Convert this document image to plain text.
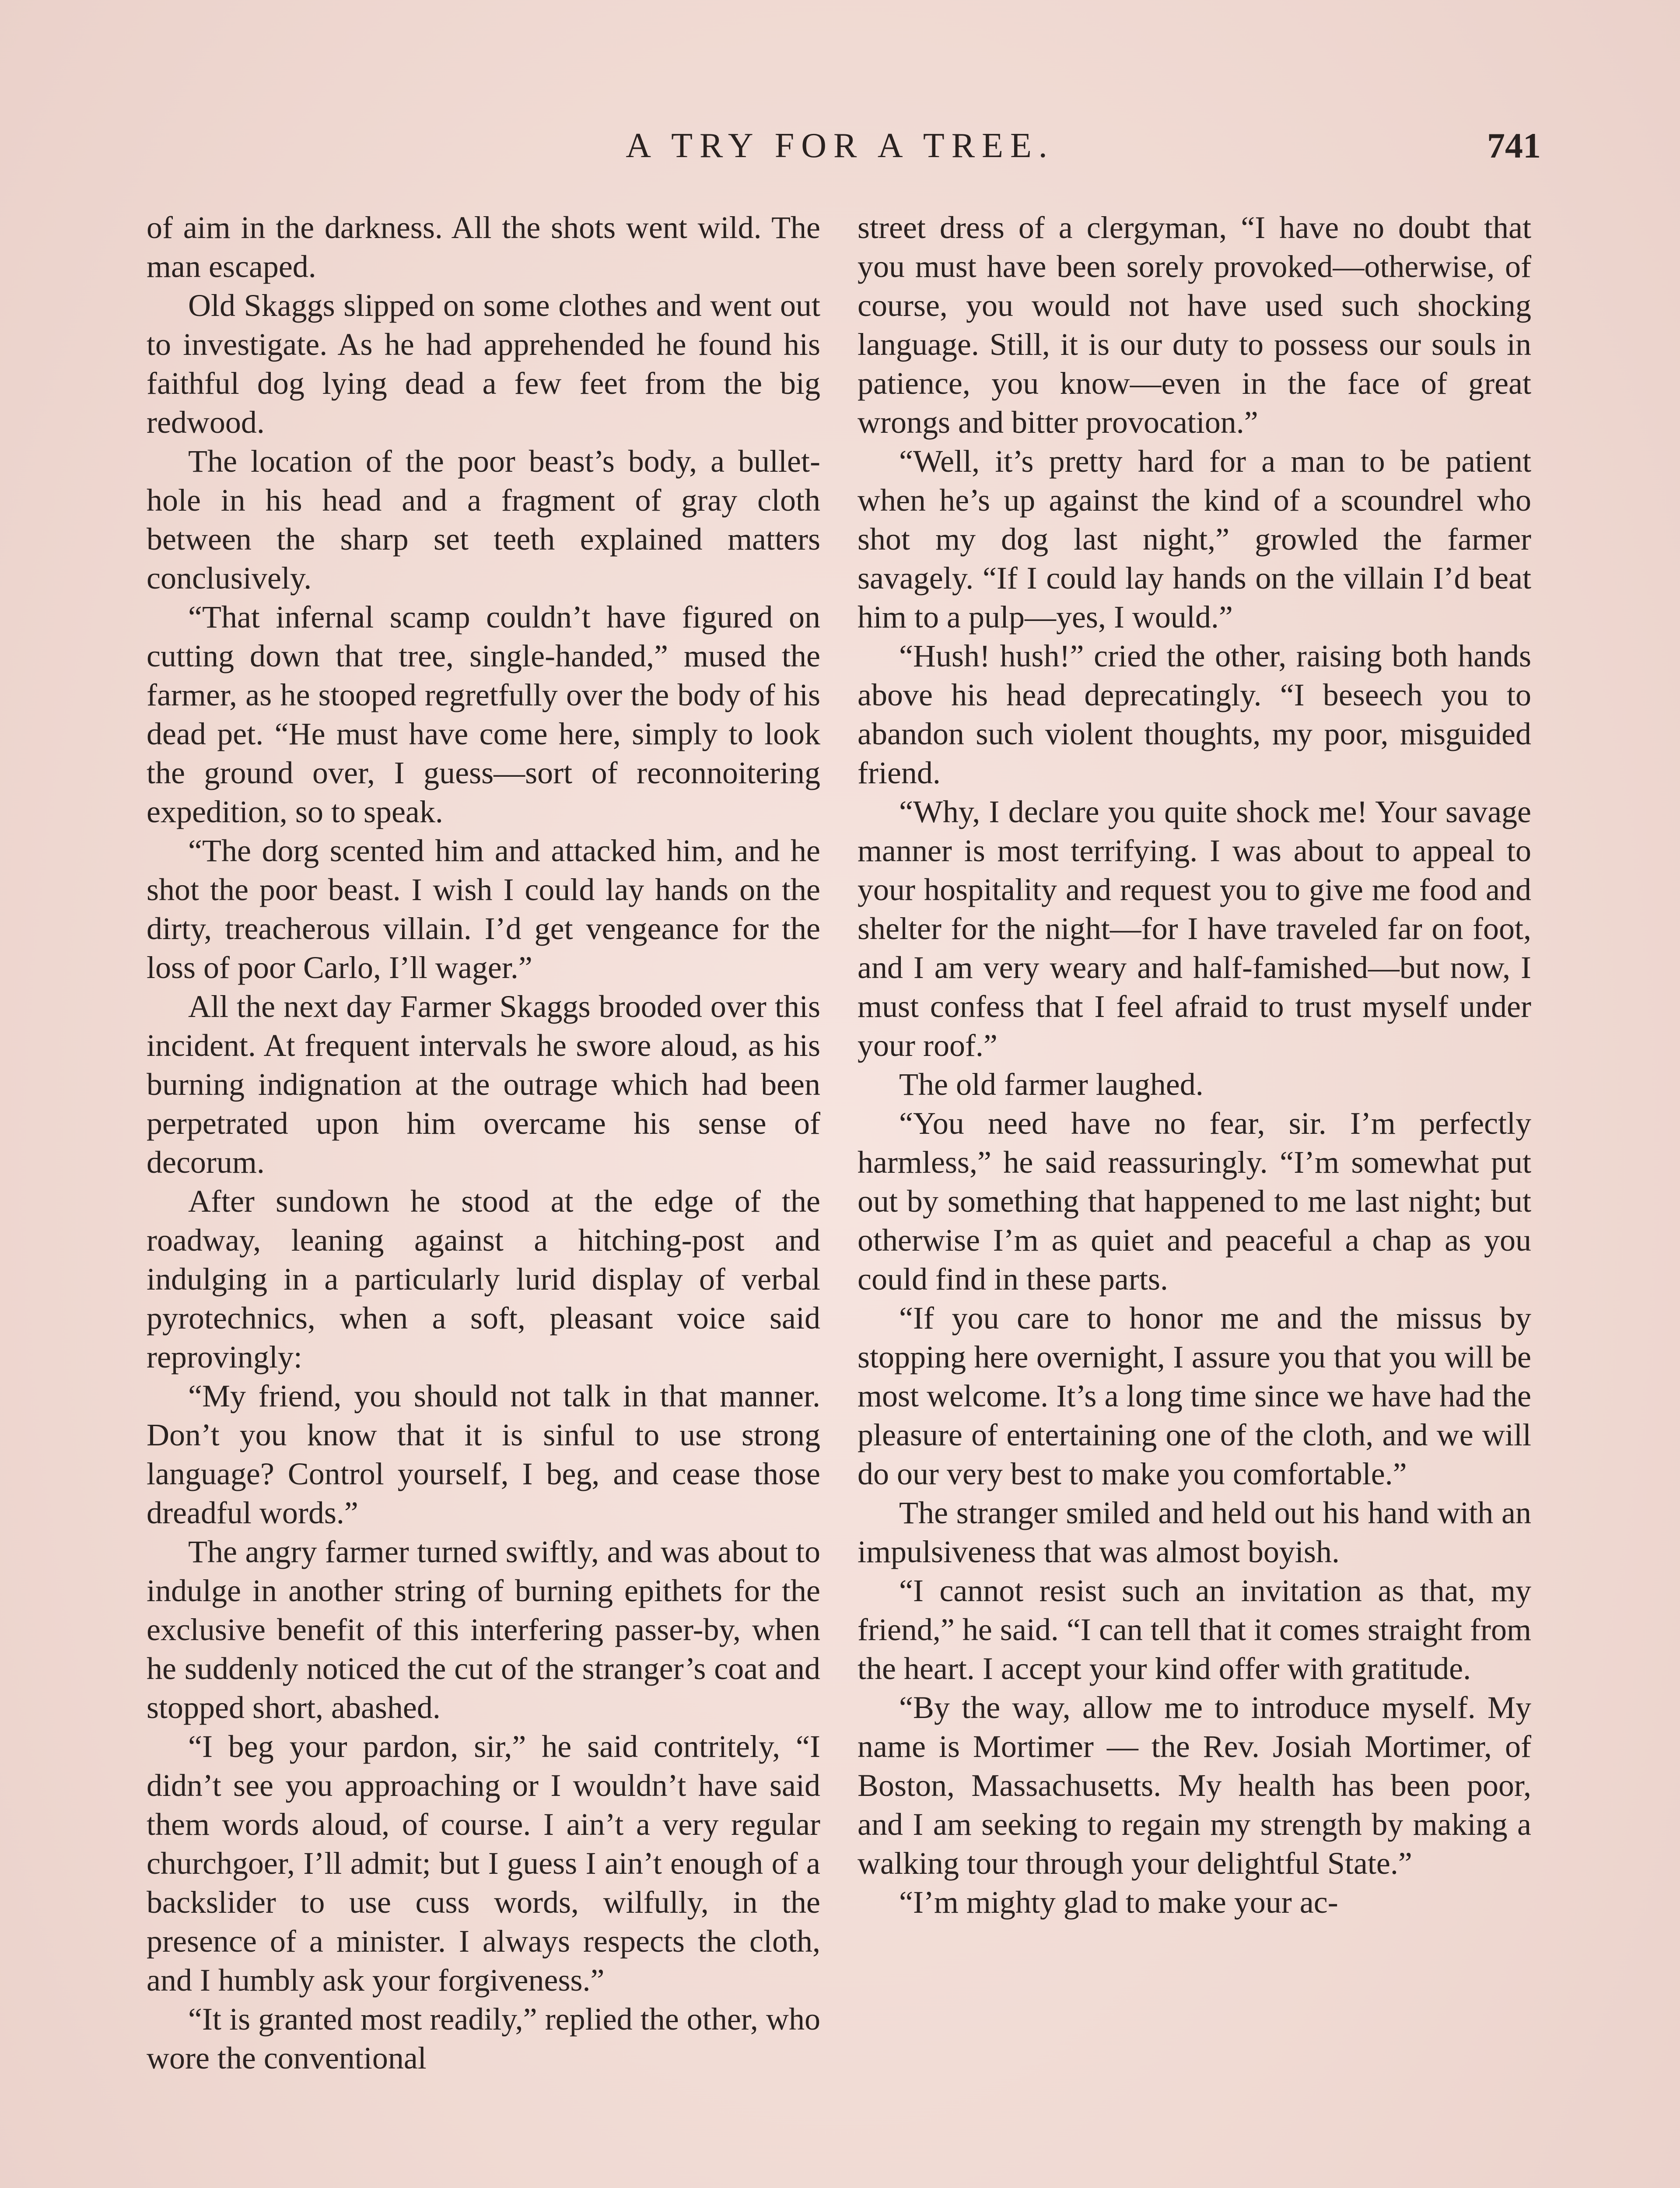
A TRY FOR A TREE.	741

of aim in the darkness. All the shots went wild. The man escaped.

Old Skaggs slipped on some clothes and went out to investigate. As he had apprehended he found his faithful dog lying dead a few feet from the big redwood.

The location of the poor beast’s body, a bullet-hole in his head and a fragment of gray cloth between the sharp set teeth explained matters conclusively.

“That infernal scamp couldn’t have figured on cutting down that tree, single-handed,” mused the farmer, as he stooped regretfully over the body of his dead pet. “He must have come here, simply to look the ground over, I guess—sort of reconnoitering expedition, so to speak.

“The dorg scented him and attacked him, and he shot the poor beast. I wish I could lay hands on the dirty, treacherous villain. I’d get vengeance for the loss of poor Carlo, I’ll wager.”

All the next day Farmer Skaggs brooded over this incident. At frequent intervals he swore aloud, as his burning indignation at the outrage which had been perpetrated upon him overcame his sense of decorum.

After sundown he stood at the edge of the roadway, leaning against a hitching-post and indulging in a particularly lurid display of verbal pyrotechnics, when a soft, pleasant voice said reprovingly:

“My friend, you should not talk in that manner. Don’t you know that it is sinful to use strong language? Control yourself, I beg, and cease those dreadful words.”

The angry farmer turned swiftly, and was about to indulge in another string of burning epithets for the exclusive benefit of this interfering passer-by, when he suddenly noticed the cut of the stranger’s coat and stopped short, abashed.

“I beg your pardon, sir,” he said contritely, “I didn’t see you approaching or I wouldn’t have said them words aloud, of course. I ain’t a very regular churchgoer, I’ll admit; but I guess I ain’t enough of a backslider to use cuss words, wilfully, in the presence of a minister. I always respects the cloth, and I humbly ask your forgiveness.”

“It is granted most readily,” replied the other, who wore the conventional

street dress of a clergyman, “I have no doubt that you must have been sorely provoked—otherwise, of course, you would not have used such shocking language. Still, it is our duty to possess our souls in patience, you know—even in the face of great wrongs and bitter provocation.”

“Well, it’s pretty hard for a man to be patient when he’s up against the kind of a scoundrel who shot my dog last night,” growled the farmer savagely. “If I could lay hands on the villain I’d beat him to a pulp—yes, I would.”

“Hush! hush!” cried the other, raising both hands above his head deprecatingly. “I beseech you to abandon such violent thoughts, my poor, misguided friend.

“Why, I declare you quite shock me! Your savage manner is most terrifying. I was about to appeal to your hospitality and request you to give me food and shelter for the night—for I have traveled far on foot, and I am very weary and half-famished—but now, I must confess that I feel afraid to trust myself under your roof.”

The old farmer laughed.

“You need have no fear, sir. I’m perfectly harmless,” he said reassuringly. “I’m somewhat put out by something that happened to me last night; but otherwise I’m as quiet and peaceful a chap as you could find in these parts.

“If you care to honor me and the missus by stopping here overnight, I assure you that you will be most welcome. It’s a long time since we have had the pleasure of entertaining one of the cloth, and we will do our very best to make you comfortable.”

The stranger smiled and held out his hand with an impulsiveness that was almost boyish.

“I cannot resist such an invitation as that, my friend,” he said. “I can tell that it comes straight from the heart. I accept your kind offer with gratitude.

“By the way, allow me to introduce myself. My name is Mortimer — the Rev. Josiah Mortimer, of Boston, Massachusetts. My health has been poor, and I am seeking to regain my strength by making a walking tour through your delightful State.”

“I’m mighty glad to make your ac-
